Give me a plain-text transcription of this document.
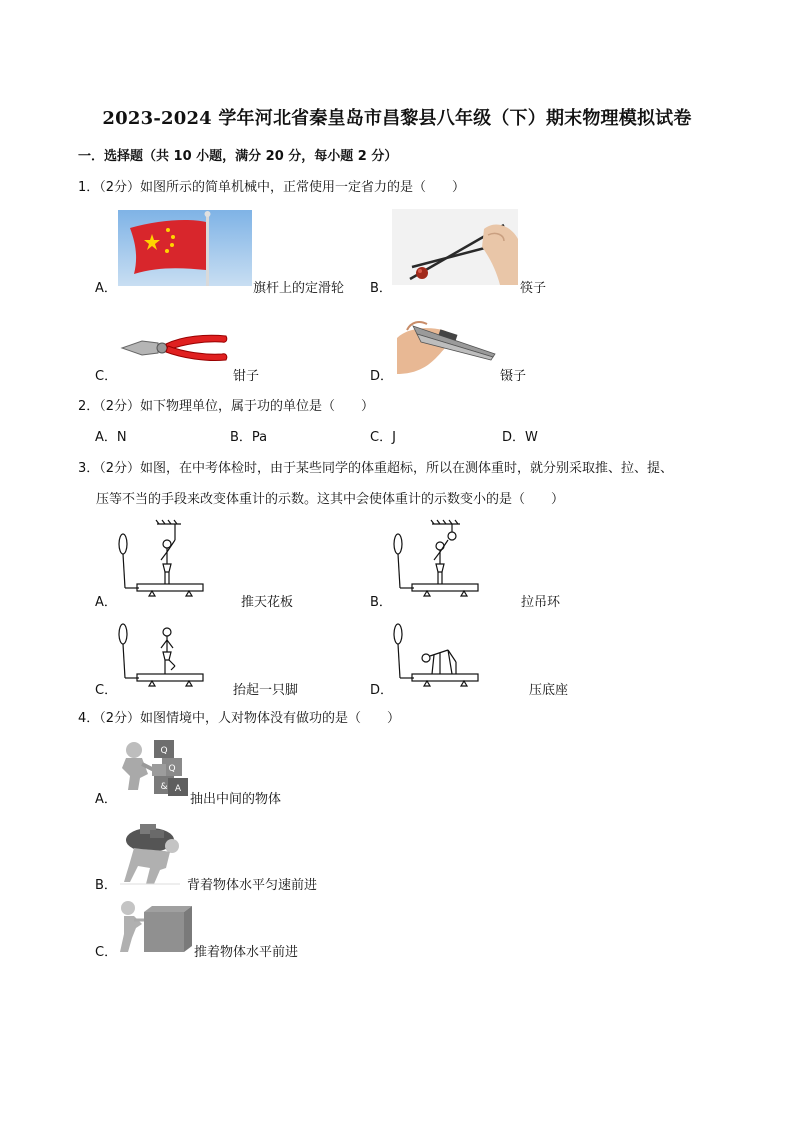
2023-2024 学年河北省秦皇岛市昌黎县八年级（下）期末物理模拟试卷
一．选择题（共 10 小题，满分 20 分，每小题 2 分）
1．（2分）如图所示的简单机械中，正常使用一定省力的是（　　）
A．	旗杆上的定滑轮 B．	筷子
C．	钳子	D．	镊子
2．（2分）如下物理单位，属于功的单位是（　　）
A．N	B．Pa	C．J	D．W
3．（2分）如图，在中考体检时，由于某些同学的体重超标，所以在测体重时，就分别采取推、拉、提、
压等不当的手段来改变体重计的示数。这其中会使体重计的示数变小的是（　　）
A．	推天花板	B．	拉吊环
C．	抬起一只脚	D．	压底座
4．（2分）如图情境中，人对物体没有做功的是（　　）
A．
Q
Q
& A
抽出中间的物体
B．	背着物体水平匀速前进
C．	推着物体水平前进
